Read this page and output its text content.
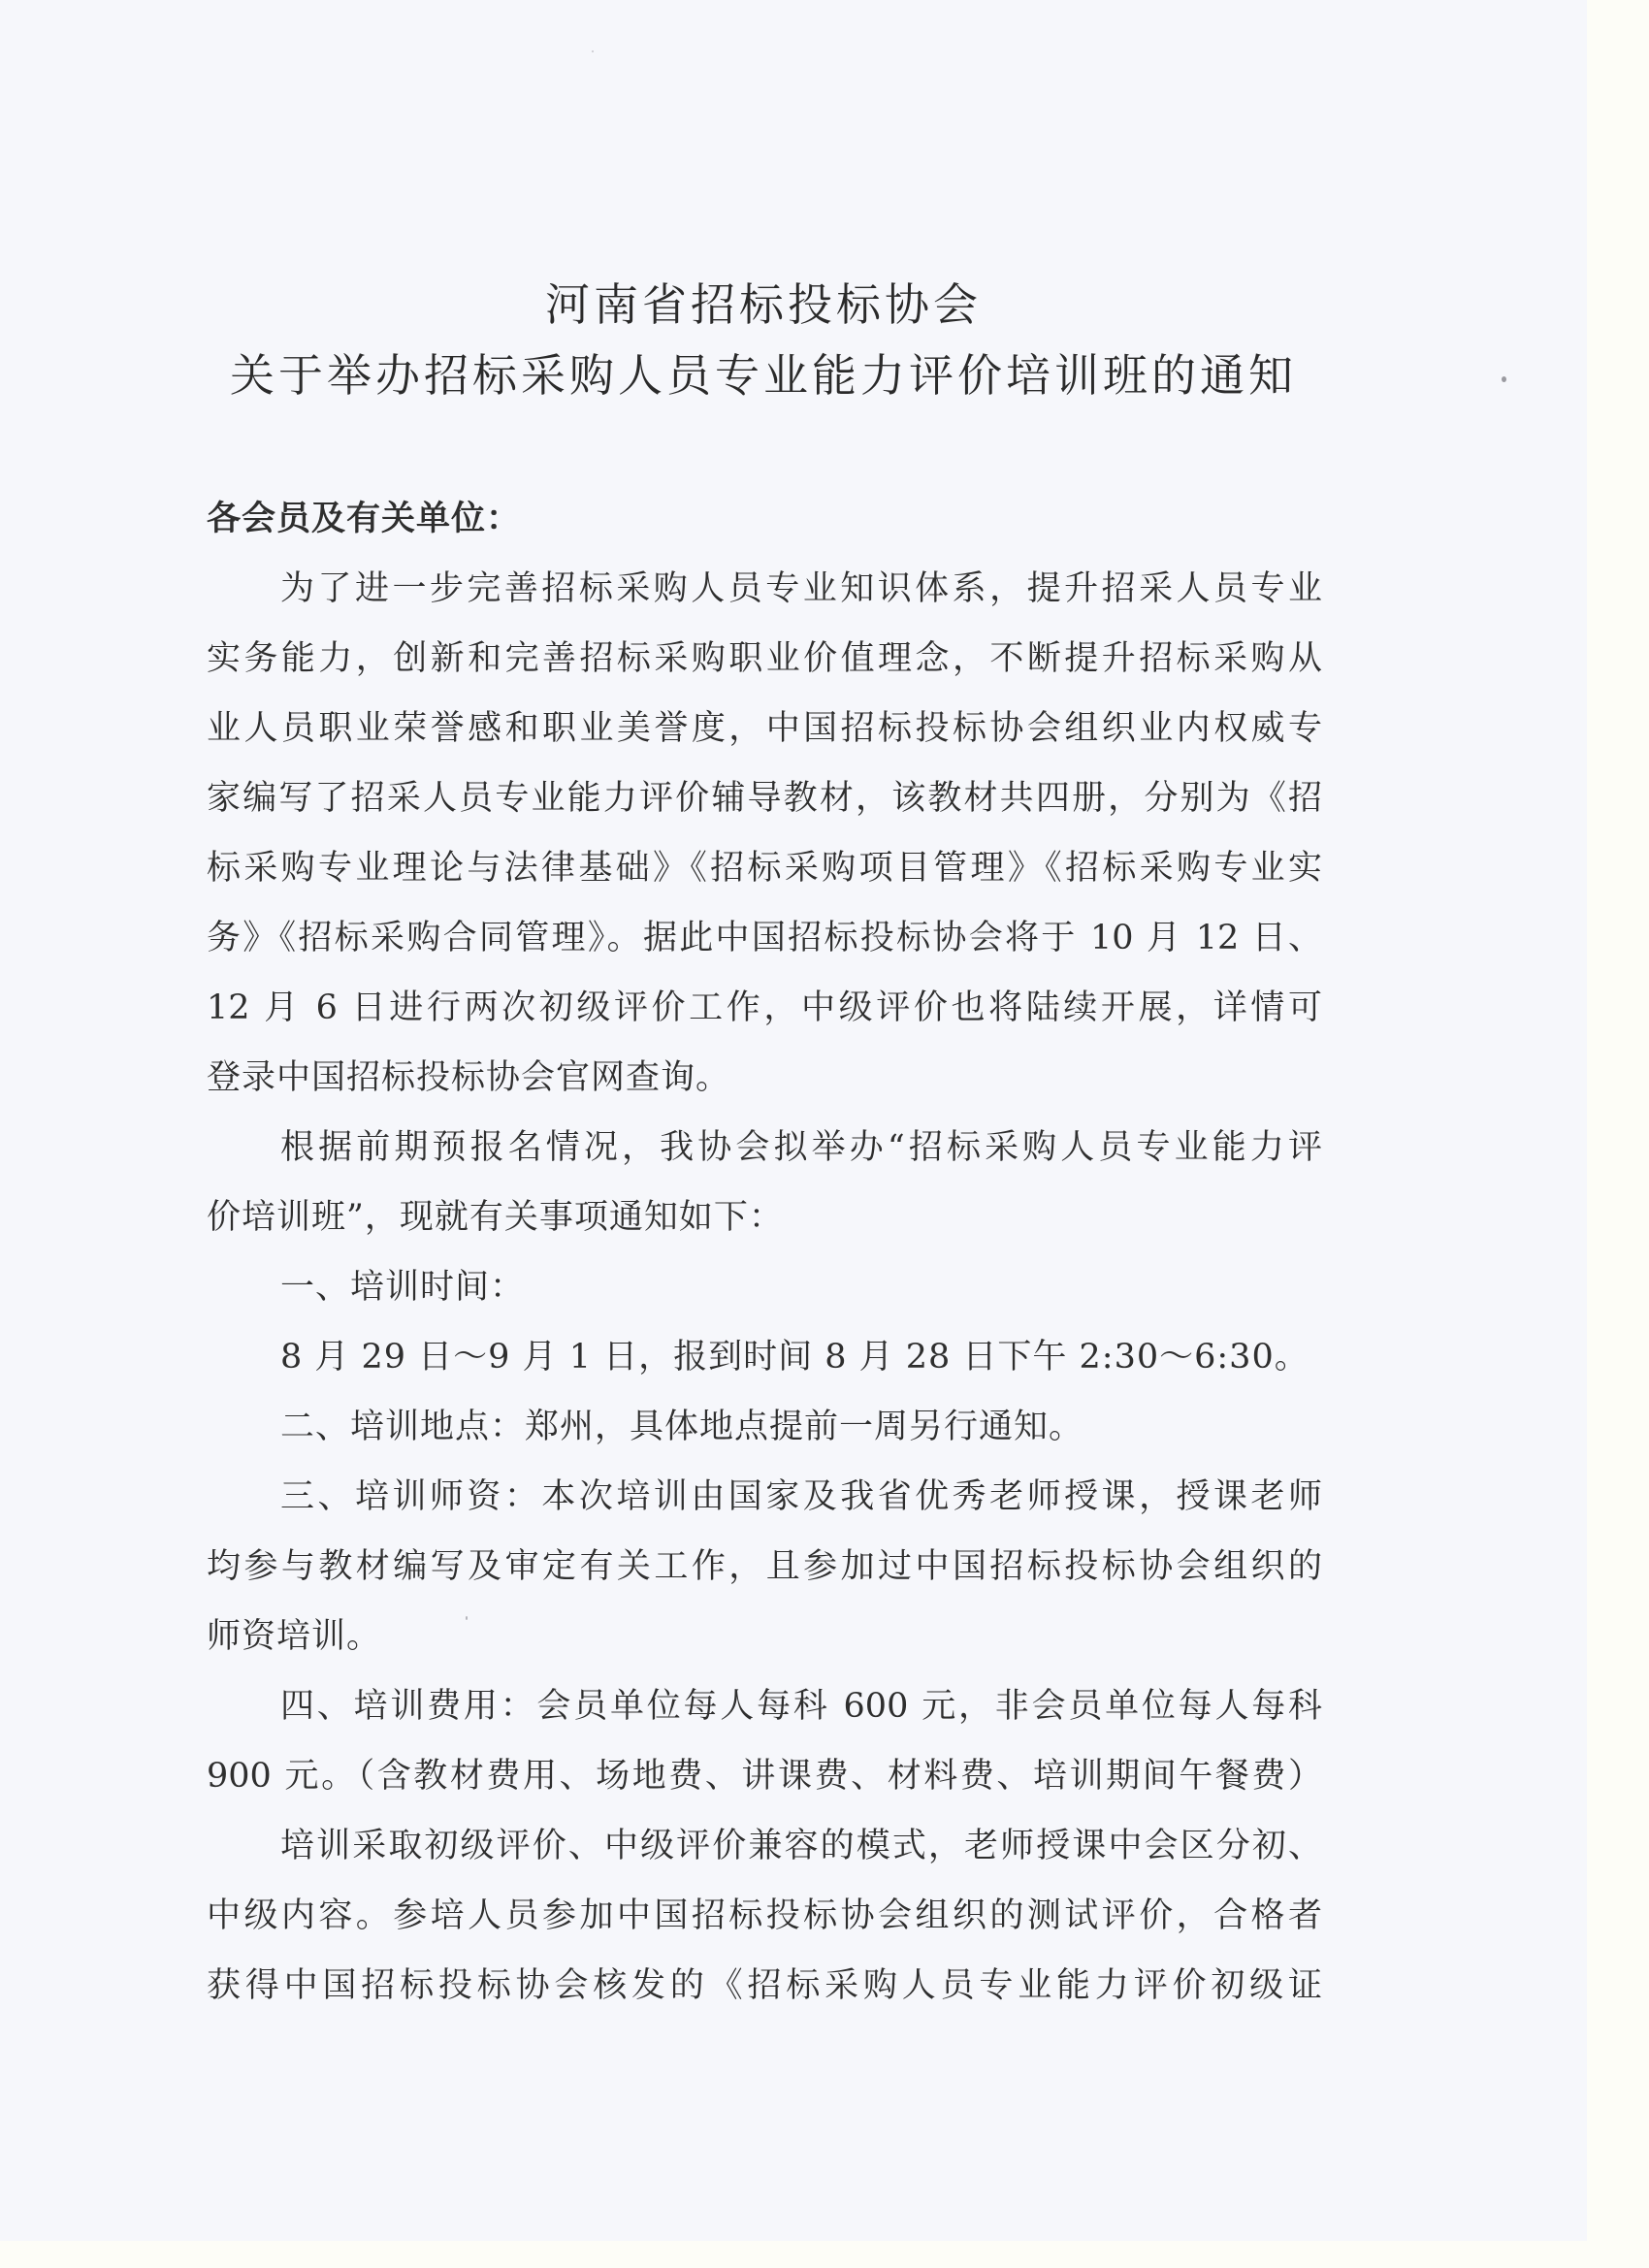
河南省招标投标协会
关于举办招标采购人员专业能力评价培训班的通知
各会员及有关单位：
为了进一步完善招标采购人员专业知识体系，提升招采人员专业
实务能力，创新和完善招标采购职业价值理念，不断提升招标采购从
业人员职业荣誉感和职业美誉度，中国招标投标协会组织业内权威专
家编写了招采人员专业能力评价辅导教材，该教材共四册，分别为《招
标采购专业理论与法律基础》《招标采购项目管理》《招标采购专业实
务》《招标采购合同管理》。据此中国招标投标协会将于 10 月 12 日、
12 月 6 日进行两次初级评价工作，中级评价也将陆续开展，详情可
登录中国招标投标协会官网查询。
根据前期预报名情况，我协会拟举办“招标采购人员专业能力评
价培训班”，现就有关事项通知如下：
一、培训时间：
8 月 29 日～9 月 1 日，报到时间 8 月 28 日下午 2:30～6:30。
二、培训地点：郑州，具体地点提前一周另行通知。
三、培训师资：本次培训由国家及我省优秀老师授课，授课老师
均参与教材编写及审定有关工作，且参加过中国招标投标协会组织的
师资培训。
四、培训费用：会员单位每人每科 600 元，非会员单位每人每科
900 元。（含教材费用、场地费、讲课费、材料费、培训期间午餐费）
培训采取初级评价、中级评价兼容的模式，老师授课中会区分初、
中级内容。参培人员参加中国招标投标协会组织的测试评价，合格者
获得中国招标投标协会核发的《招标采购人员专业能力评价初级证
